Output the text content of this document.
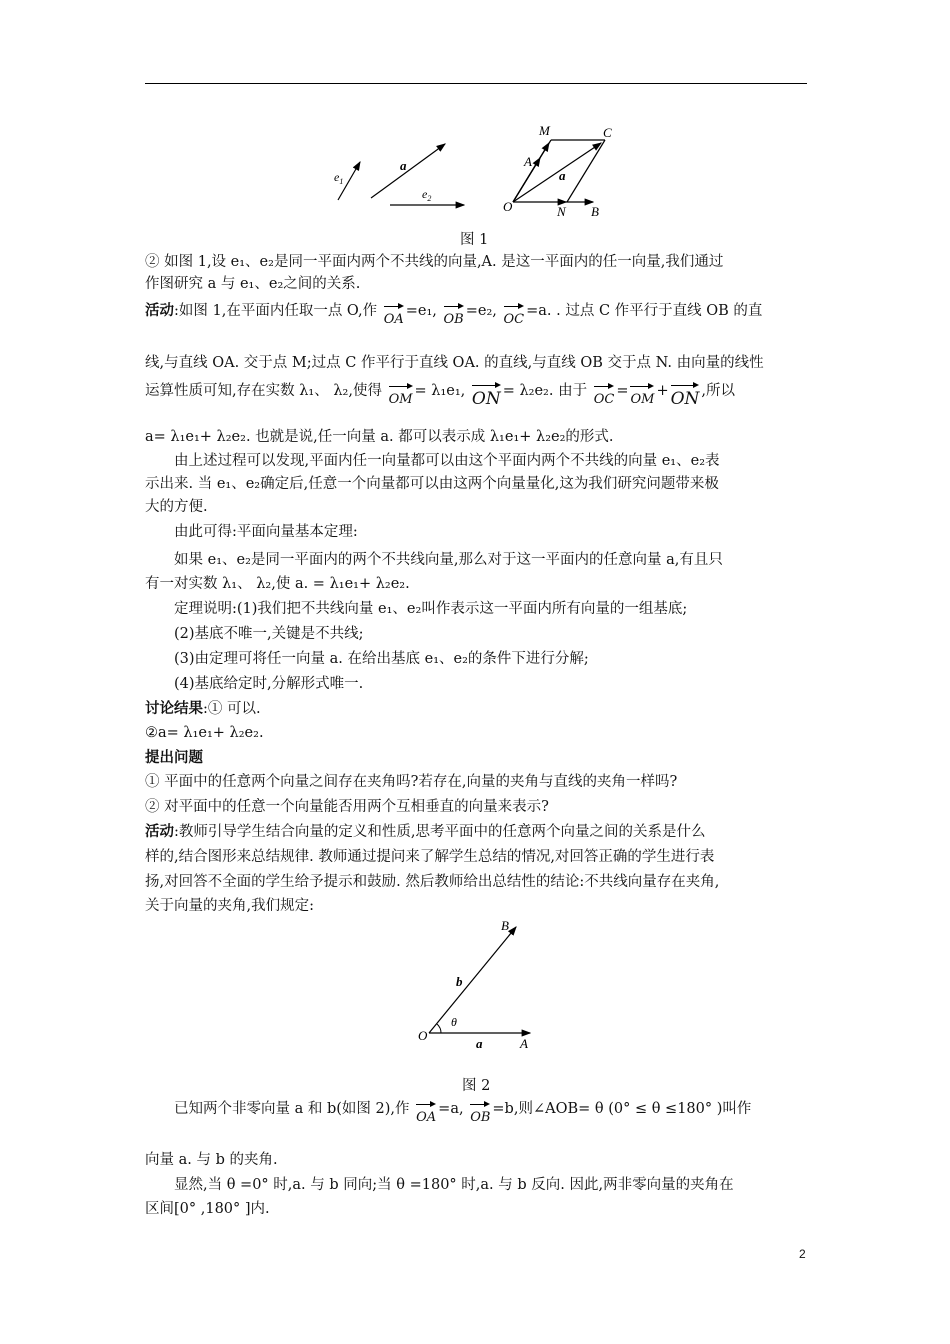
$e_1$
a
$e_2$
M	C
A
a
O	N B
图 1
② 如图 1,设 e₁、e₂是同一平面内两个不共线的向量,A. 是这一平面内的任一向量,我们通过
作图研究 a 与 e₁、e₂之间的关系.
活动:如图 1,在平面内任取一点 O,作 OA=e₁, OB=e₂, OC=a. . 过点 C 作平行于直线 OB 的直
线,与直线 OA. 交于点 M;过点 C 作平行于直线 OA. 的直线,与直线 OB 交于点 N. 由向量的线性
运算性质可知,存在实数 λ₁、 λ₂,使得 OM= λ₁e₁, ON = λ₂e₂. 由于 OC=OM+ ON ,所以
a= λ₁e₁+ λ₂e₂. 也就是说,任一向量 a. 都可以表示成 λ₁e₁+ λ₂e₂的形式.
由上述过程可以发现,平面内任一向量都可以由这个平面内两个不共线的向量 e₁、e₂表
示出来. 当 e₁、e₂确定后,任意一个向量都可以由这两个向量量化,这为我们研究问题带来极
大的方便.
由此可得:平面向量基本定理:
如果 e₁、e₂是同一平面内的两个不共线向量,那么对于这一平面内的任意向量 a,有且只
有一对实数 λ₁、 λ₂,使 a. = λ₁e₁+ λ₂e₂.
定理说明:(1)我们把不共线向量 e₁、e₂叫作表示这一平面内所有向量的一组基底;
(2)基底不唯一,关键是不共线;
(3)由定理可将任一向量 a. 在给出基底 e₁、e₂的条件下进行分解;
(4)基底给定时,分解形式唯一.
讨论结果:① 可以.
②a= λ₁e₁+ λ₂e₂.
提出问题
① 平面中的任意两个向量之间存在夹角吗?若存在,向量的夹角与直线的夹角一样吗?
② 对平面中的任意一个向量能否用两个互相垂直的向量来表示?
活动:教师引导学生结合向量的定义和性质,思考平面中的任意两个向量之间的关系是什么
样的,结合图形来总结规律. 教师通过提问来了解学生总结的情况,对回答正确的学生进行表
扬,对回答不全面的学生给予提示和鼓励. 然后教师给出总结性的结论:不共线向量存在夹角,
关于向量的夹角,我们规定:
B
b
θ
O
a	A
图 2
已知两个非零向量 a 和 b(如图 2),作 OA=a, OB=b,则∠AOB= θ (0° ≤ θ ≤180° )叫作
向量 a. 与 b 的夹角.
显然,当 θ =0° 时,a. 与 b 同向;当 θ =180° 时,a. 与 b 反向. 因此,两非零向量的夹角在
区间[0° ,180° ]内.
2
